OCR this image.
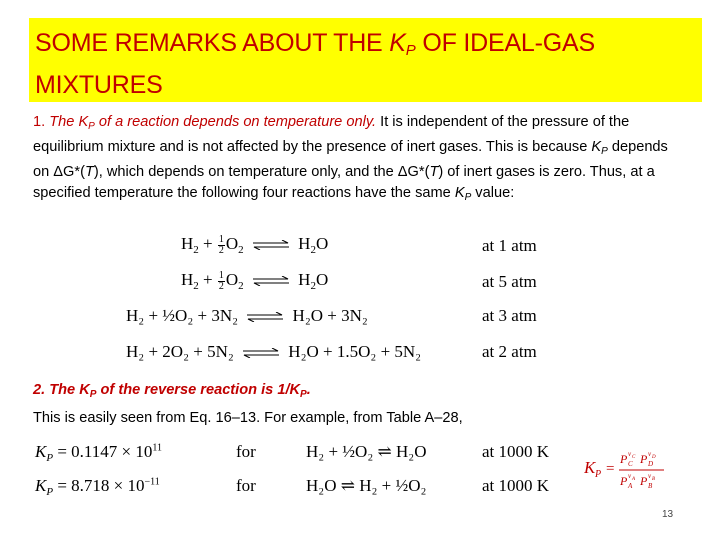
SOME REMARKS ABOUT THE $K_P$ OF IDEAL-GAS
MIXTURES

1. The $K_P$ of a reaction depends on temperature only. It is independent of the pressure of the equilibrium mixture and is not affected by the presence of inert gases. This is because $K_P$ depends on ΔG*(T), which depends on temperature only, and the ΔG*(T) of inert gases is zero. Thus, at a specified temperature the following four reactions have the same $K_P$ value:

$H_2 + \frac{1}{2} O_2$ ⇌ $H_2O$	at 1 atm
$H_2 + \frac{1}{2} O_2$ ⇌ $H_2O$	at 5 atm
H₂ + ½O₂ + 3N₂ ⇌ H₂O + 3N₂	at 3 atm
H₂ + 2O₂ + 5N₂ ⇌ H₂O + 1.5O₂ + 5N₂	at 2 atm

2. The $K_P$ of the reverse reaction is $1/K_P$.

This is easily seen from Eq. 16–13. For example, from Table A–28,

$K_P = 0.1147 \times 10^{11}$	for	H₂ + ½O₂ ⇌ H₂O	at 1000 K
$K_P = 8.718 \times 10^{-11}$	for	H₂O ⇌ H₂ + ½O₂	at 1000 K
K P =
P ν C
C P ν D
D
P ν A
A P ν B
B
13
